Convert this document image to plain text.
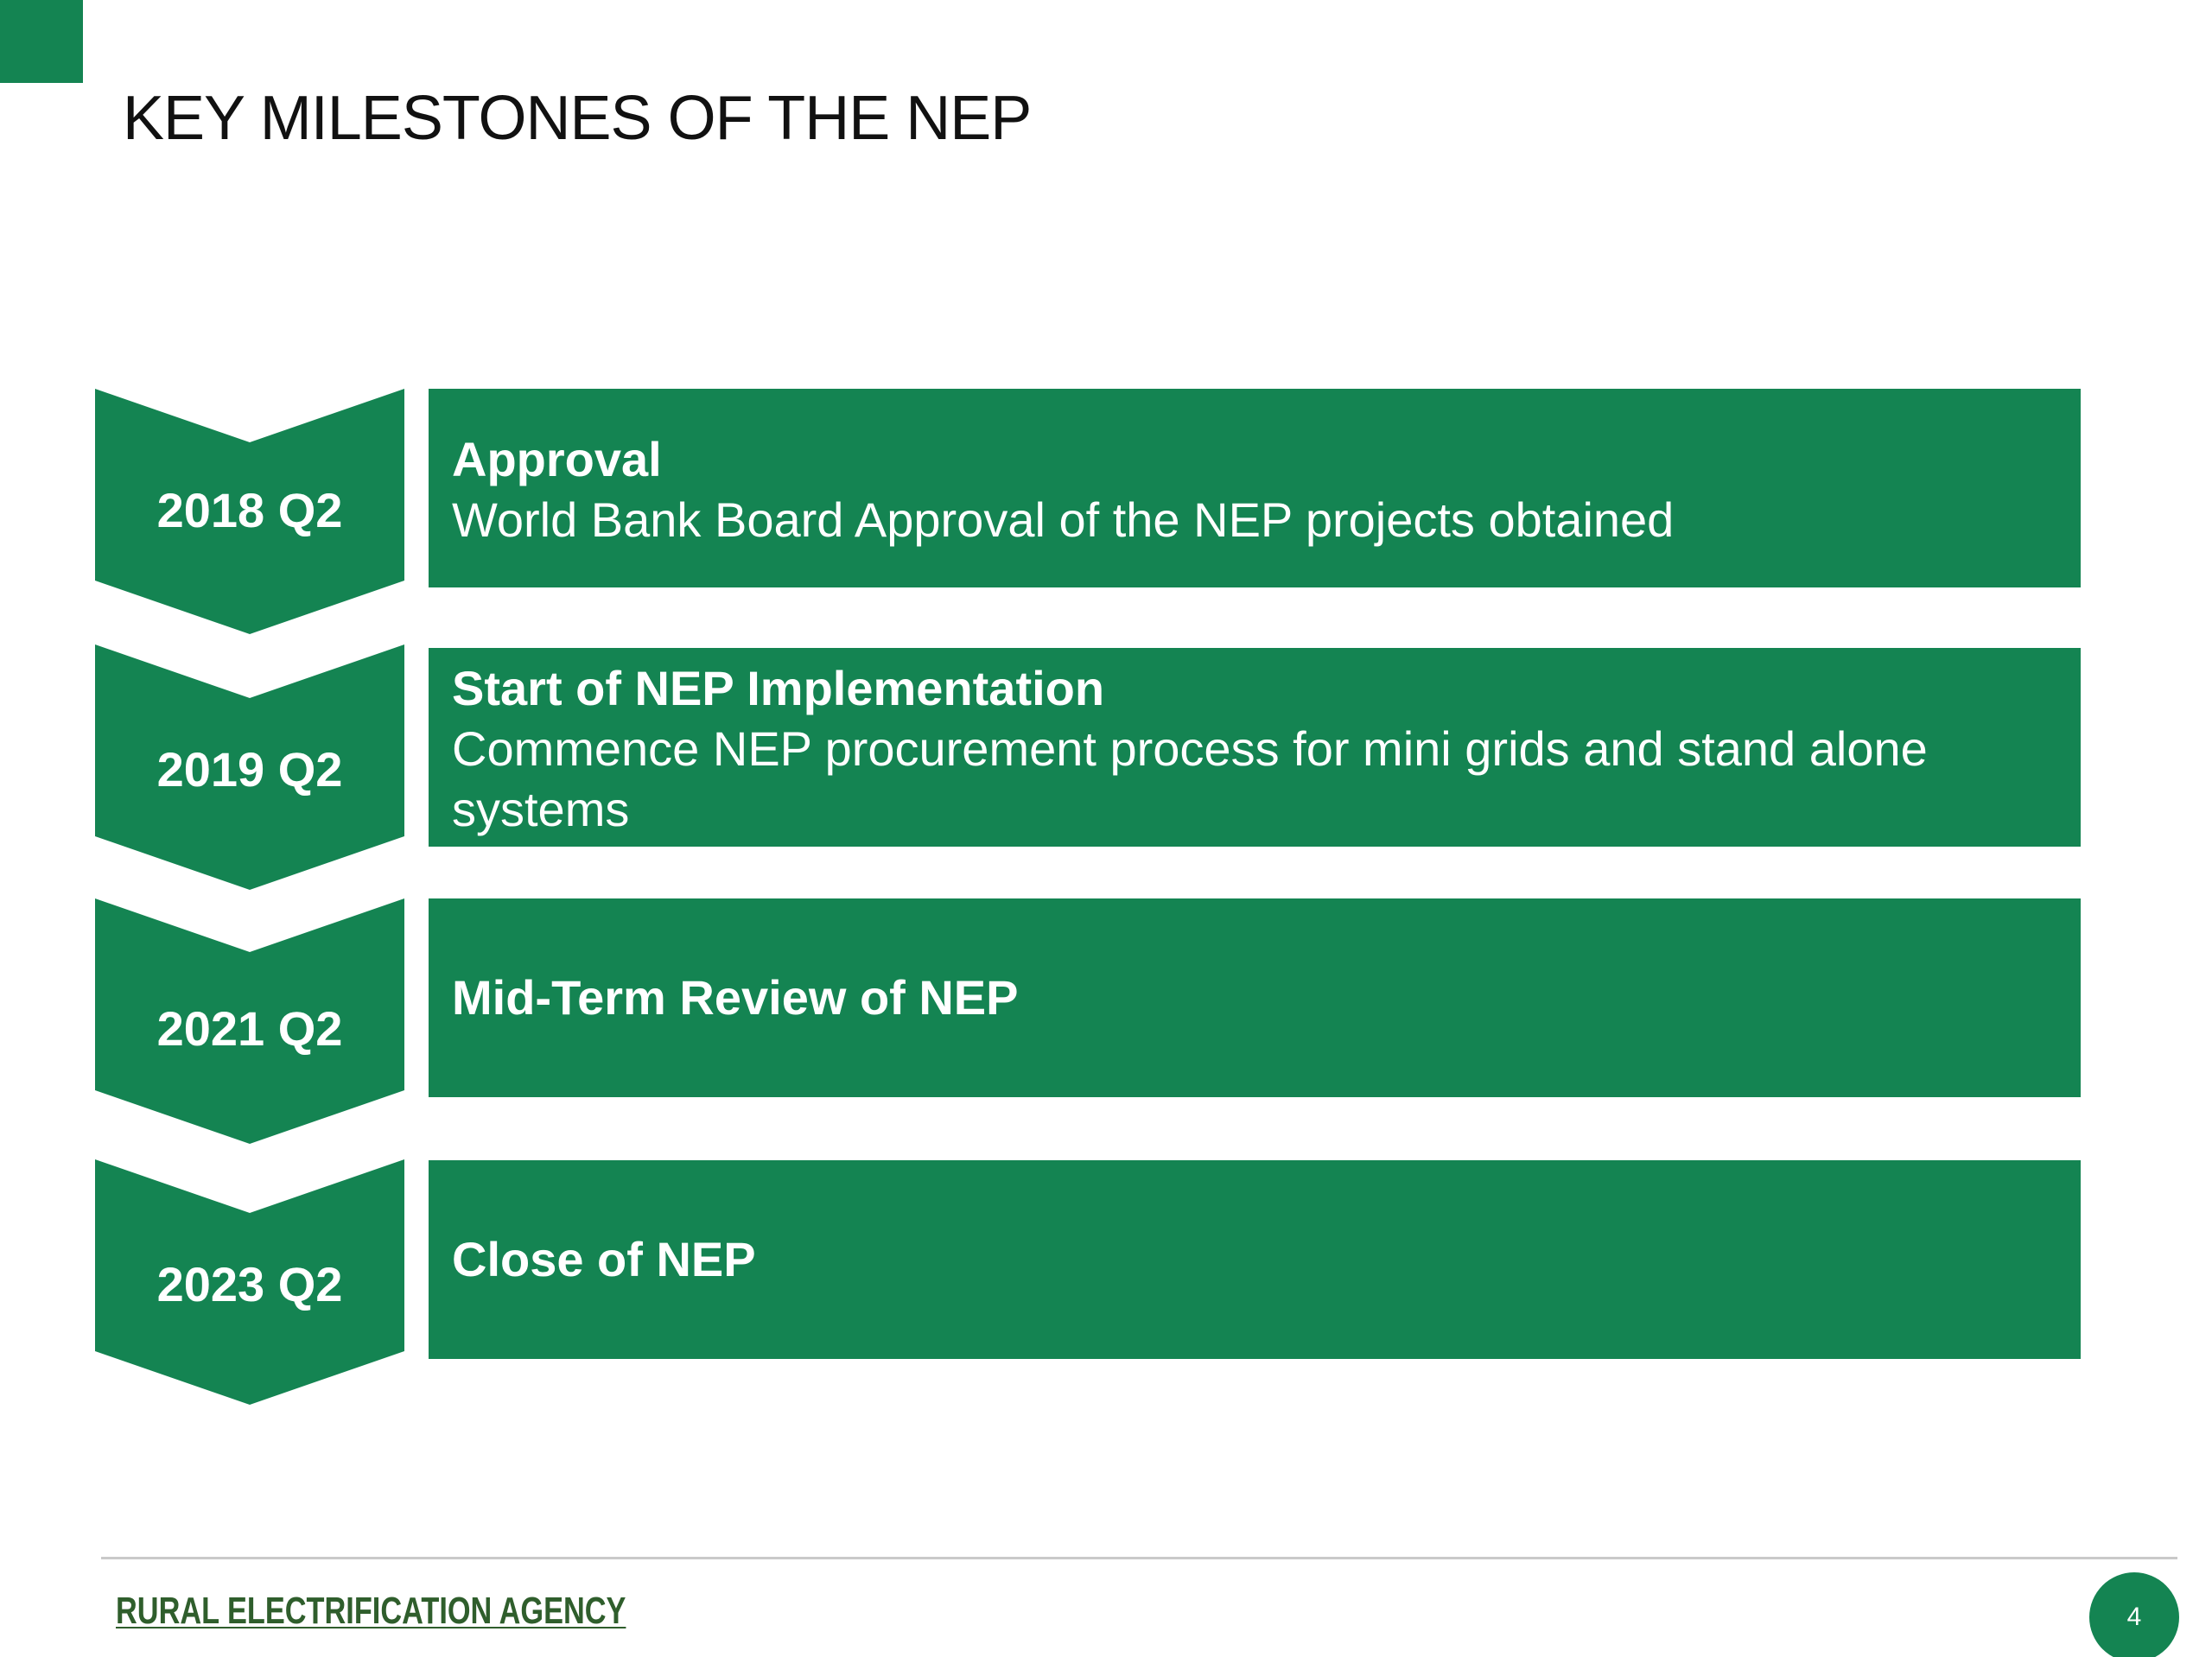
KEY MILESTONES OF THE NEP
2018 Q2
Approval
World Bank Board Approval of the NEP projects obtained
2019 Q2
Start of NEP Implementation
Commence NEP procurement process for mini grids and stand alone systems
2021 Q2
Mid-Term Review of NEP
2023 Q2	Close of NEP
RURAL ELECTRIFICATION AGENCY	4
